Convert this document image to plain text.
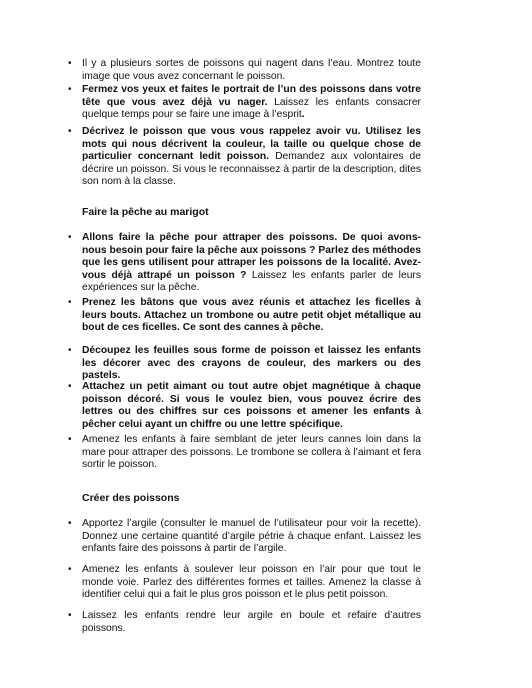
• Il y a plusieurs sortes de poissons qui nagent dans l’eau. Montrez toute image que vous avez concernant le poisson.
• Fermez vos yeux et faites le portrait de l’un des poissons dans votre tête que vous avez déjà vu nager. Laissez les enfants consacrer quelque temps pour se faire une image à l’esprit.
• Décrivez le poisson que vous vous rappelez avoir vu. Utilisez les mots qui nous décrivent la couleur, la taille ou quelque chose de particulier concernant ledit poisson. Demandez aux volontaires de décrire un poisson. Si vous le reconnaissez à partir de la description, dites son nom à la classe.
Faire la pêche au marigot
• Allons faire la pêche pour attraper des poissons. De quoi avons-nous besoin pour faire la pêche aux poissons ? Parlez des méthodes que les gens utilisent pour attraper les poissons de la localité. Avez-vous déjà attrapé un poisson ? Laissez les enfants parler de leurs expériences sur la pêche.
• Prenez les bâtons que vous avez réunis et attachez les ficelles à leurs bouts. Attachez un trombone ou autre petit objet métallique au bout de ces ficelles. Ce sont des cannes à pêche.
• Découpez les feuilles sous forme de poisson et laissez les enfants les décorer avec des crayons de couleur, des markers ou des pastels.
• Attachez un petit aimant ou tout autre objet magnétique à chaque poisson décoré. Si vous le voulez bien, vous pouvez écrire des lettres ou des chiffres sur ces poissons et amener les enfants à pêcher celui ayant un chiffre ou une lettre spécifique.
• Amenez les enfants à faire semblant de jeter leurs cannes loin dans la mare pour attraper des poissons. Le trombone se collera à l’aimant et fera sortir le poisson.
Créer des poissons
• Apportez l’argile (consulter le manuel de l’utilisateur pour voir la recette). Donnez une certaine quantité d’argile pétrie à chaque enfant. Laissez les enfants faire des poissons à partir de l’argile.
• Amenez les enfants à soulever leur poisson en l’air pour que tout le monde voie. Parlez des différentes formes et tailles. Amenez la classe à identifier celui qui a fait le plus gros poisson et le plus petit poisson.
• Laissez les enfants rendre leur argile en boule et refaire d’autres poissons.
